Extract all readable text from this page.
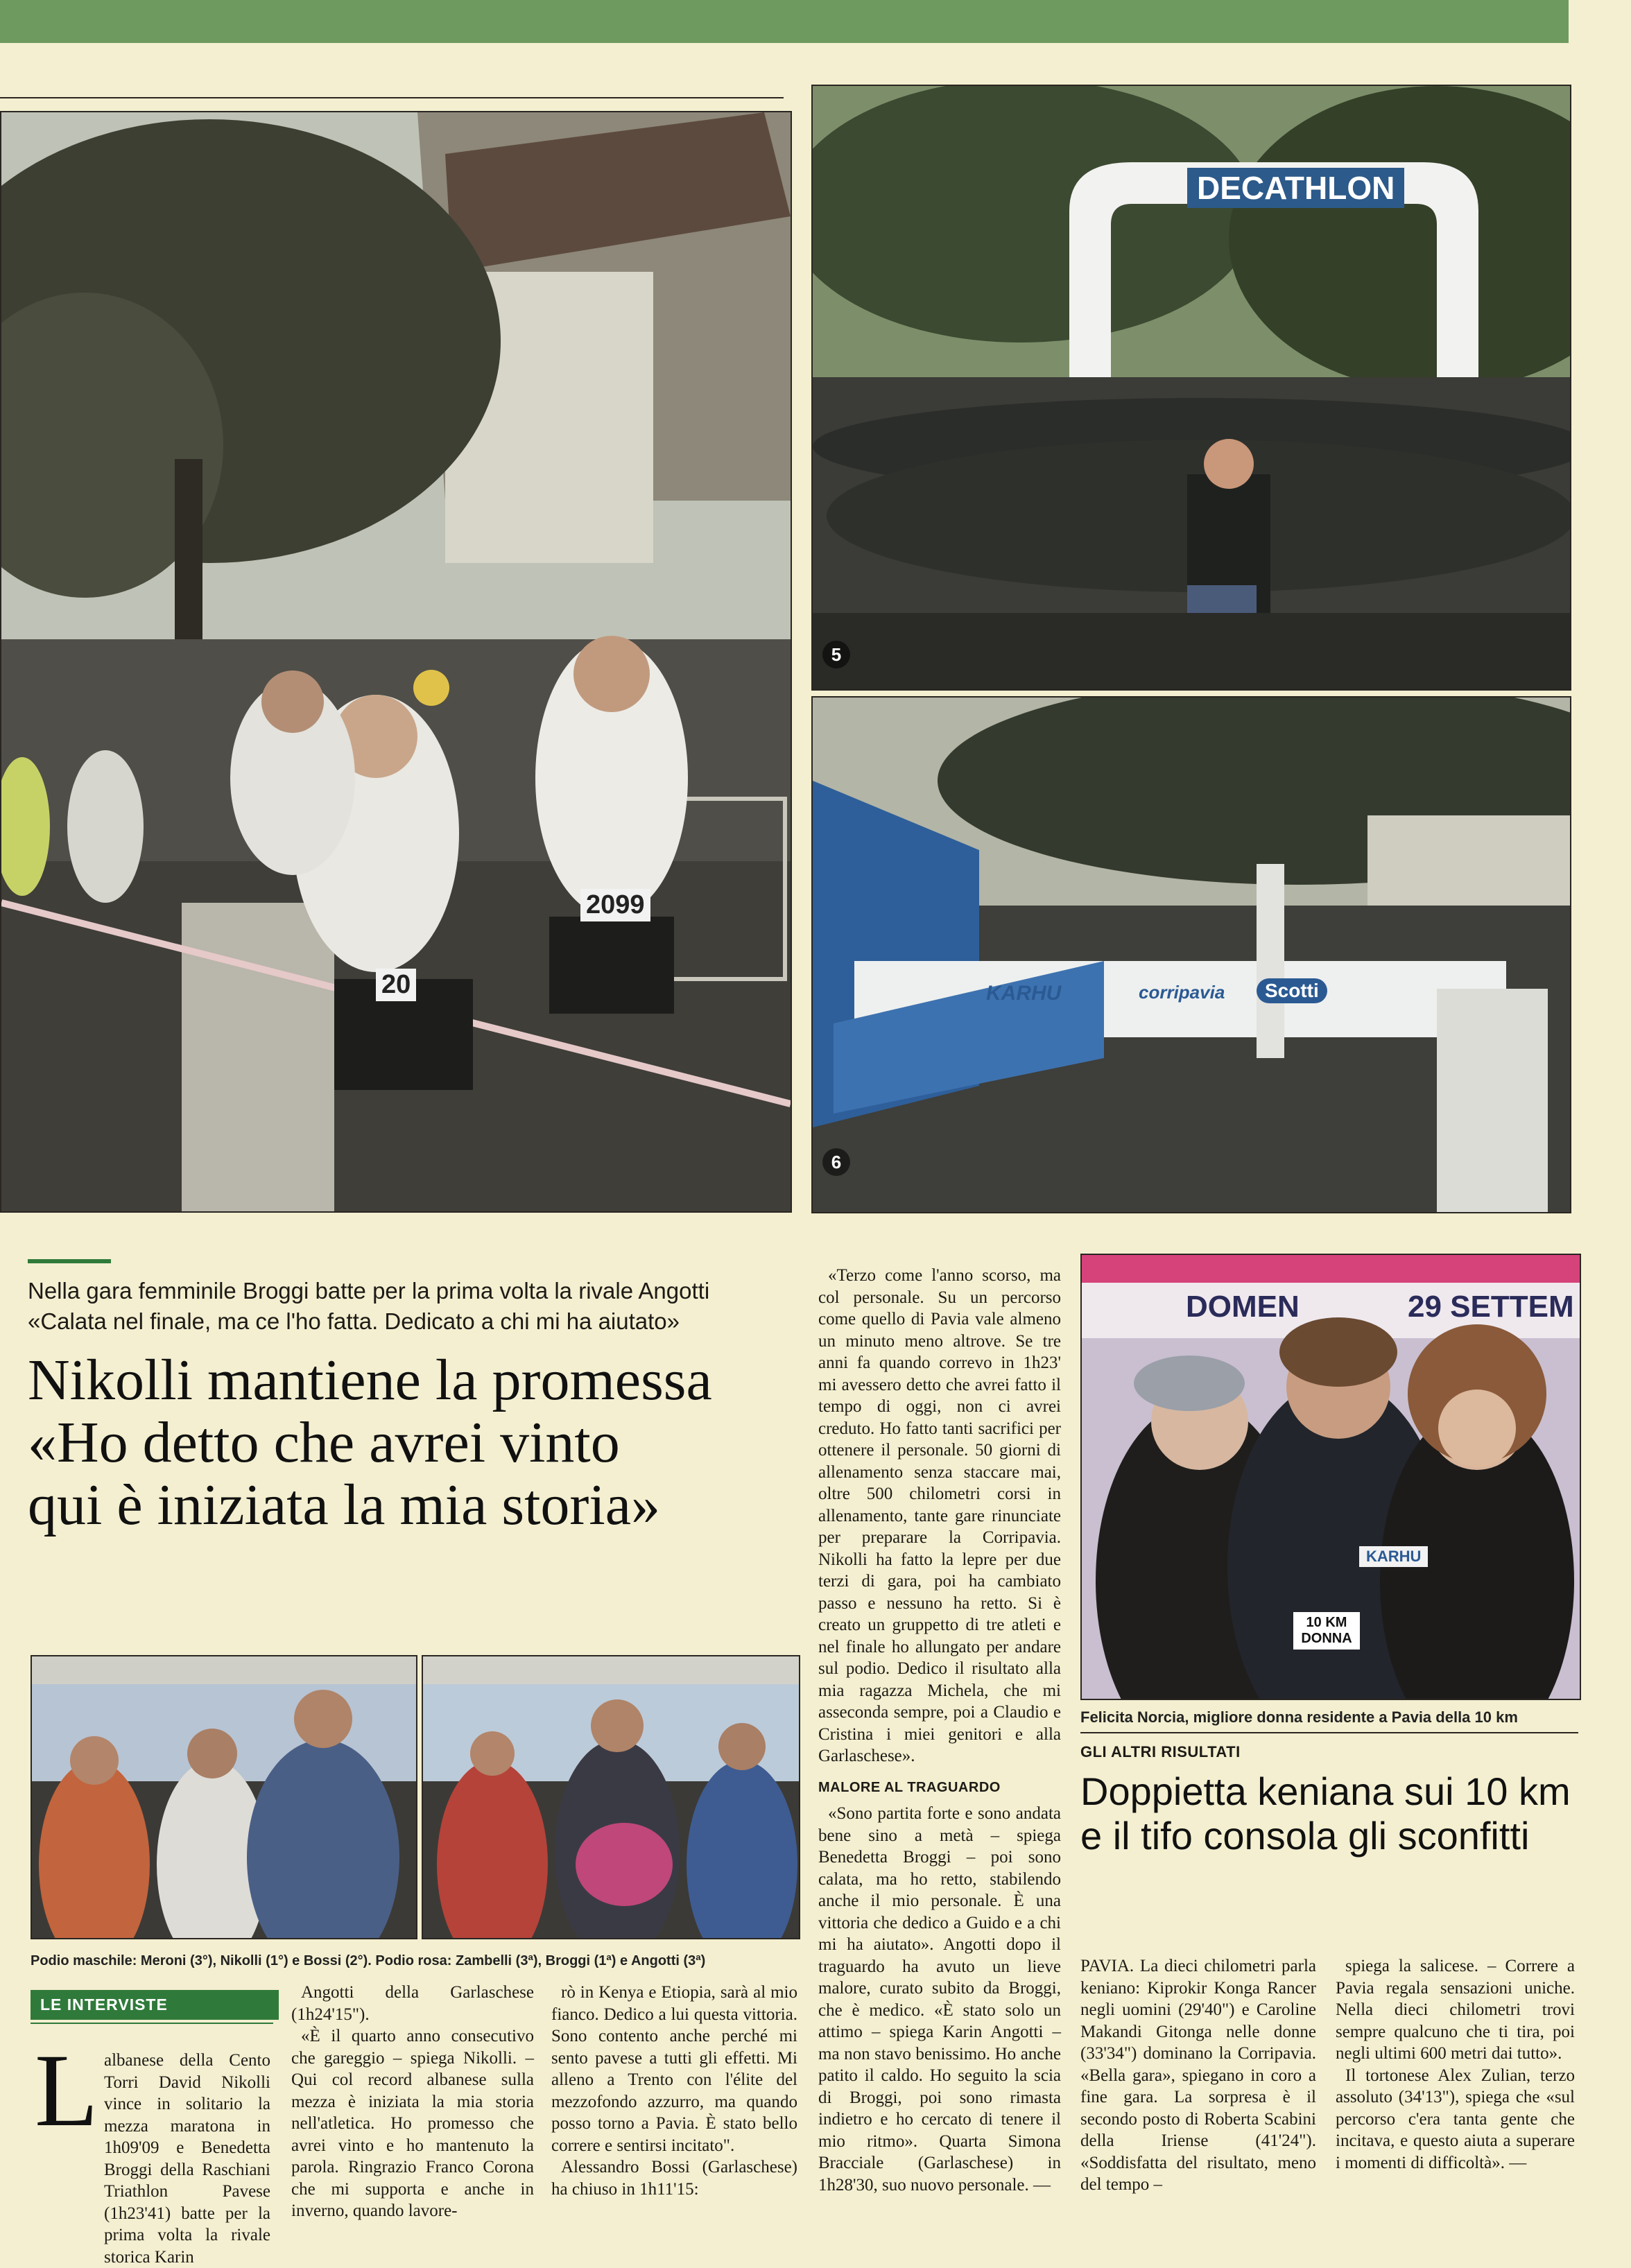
2099
20
DECATHLON
5
KARHU	corripavia	Scotti
6
Nella gara femminile Broggi batte per la prima volta la rivale Angotti
«Calata nel finale, ma ce l'ho fatta. Dedicato a chi mi ha aiutato»
Nikolli mantiene la promessa
«Ho detto che avrei vinto
qui è iniziata la mia storia»
Podio maschile: Meroni (3°), Nikolli (1°) e Bossi (2°). Podio rosa: Zambelli (3ª), Broggi (1ª) e Angotti (3ª)
LE INTERVISTE
L albanese della Cento Torri David Nikolli vince in solitario la mezza maratona in 1h09'09 e Benedetta Broggi della Raschiani Triathlon Pavese (1h23'41) batte per la prima volta la rivale storica Karin

Angotti della Garlaschese (1h24'15").

«È il quarto anno consecutivo che gareggio – spiega Nikolli. – Qui col record albanese sulla mezza è iniziata la mia storia nell'atletica. Ho promesso che avrei vinto e ho mantenuto la parola. Ringrazio Franco Corona che mi supporta e anche in inverno, quando lavore-

rò in Kenya e Etiopia, sarà al mio fianco. Dedico a lui questa vittoria. Sono contento anche perché mi sento pavese a tutti gli effetti. Mi alleno a Trento con l'élite del mezzofondo azzurro, ma quando posso torno a Pavia. È stato bello correre e sentirsi incitato".

Alessandro Bossi (Garlaschese) ha chiuso in 1h11'15:

«Terzo come l'anno scorso, ma col personale. Su un percorso come quello di Pavia vale almeno un minuto meno altrove. Se tre anni fa quando correvo in 1h23' mi avessero detto che avrei fatto il tempo di oggi, non ci avrei creduto. Ho fatto tanti sacrifici per ottenere il personale. 50 giorni di allenamento senza staccare mai, oltre 500 chilometri corsi in allenamento, tante gare rinunciate per preparare la Corripavia. Nikolli ha fatto la lepre per due terzi di gara, poi ha cambiato passo e nessuno ha retto. Si è creato un gruppetto di tre atleti e nel finale ho allungato per andare sul podio. Dedico il risultato alla mia ragazza Michela, che mi asseconda sempre, poi a Claudio e Cristina i miei genitori e alla Garlaschese».

MALORE AL TRAGUARDO

«Sono partita forte e sono andata bene sino a metà – spiega Benedetta Broggi – poi sono calata, ma ho retto, stabilendo anche il mio personale. È una vittoria che dedico a Guido e a chi mi ha aiutato». Angotti dopo il traguardo ha avuto un lieve malore, curato subito da Broggi, che è medico. «È stato solo un attimo – spiega Karin Angotti – ma non stavo benissimo. Ho anche patito il caldo. Ho seguito la scia di Broggi, poi sono rimasta indietro e ho cercato di tenere il mio ritmo». Quarta Simona Bracciale (Garlaschese) in 1h28'30, suo nuovo personale. —

DOMEN	29 SETTEM
10 KM DONNA
KARHU
Felicita Norcia, migliore donna residente a Pavia della 10 km
GLI ALTRI RISULTATI
Doppietta keniana sui 10 km
e il tifo consola gli sconfitti
PAVIA. La dieci chilometri parla keniano: Kiprokir Konga Rancer negli uomini (29'40") e Caroline Makandi Gitonga nelle donne (33'34") dominano la Corripavia. «Bella gara», spiegano in coro a fine gara. La sorpresa è il secondo posto di Roberta Scabini della Iriense (41'24"). «Soddisfatta del risultato, meno del tempo –

spiega la salicese. – Correre a Pavia regala sensazioni uniche. Nella dieci chilometri trovi sempre qualcuno che ti tira, poi negli ultimi 600 metri dai tutto».

Il tortonese Alex Zulian, terzo assoluto (34'13"), spiega che «sul percorso c'era tanta gente che incitava, e questo aiuta a superare i momenti di difficoltà». —
